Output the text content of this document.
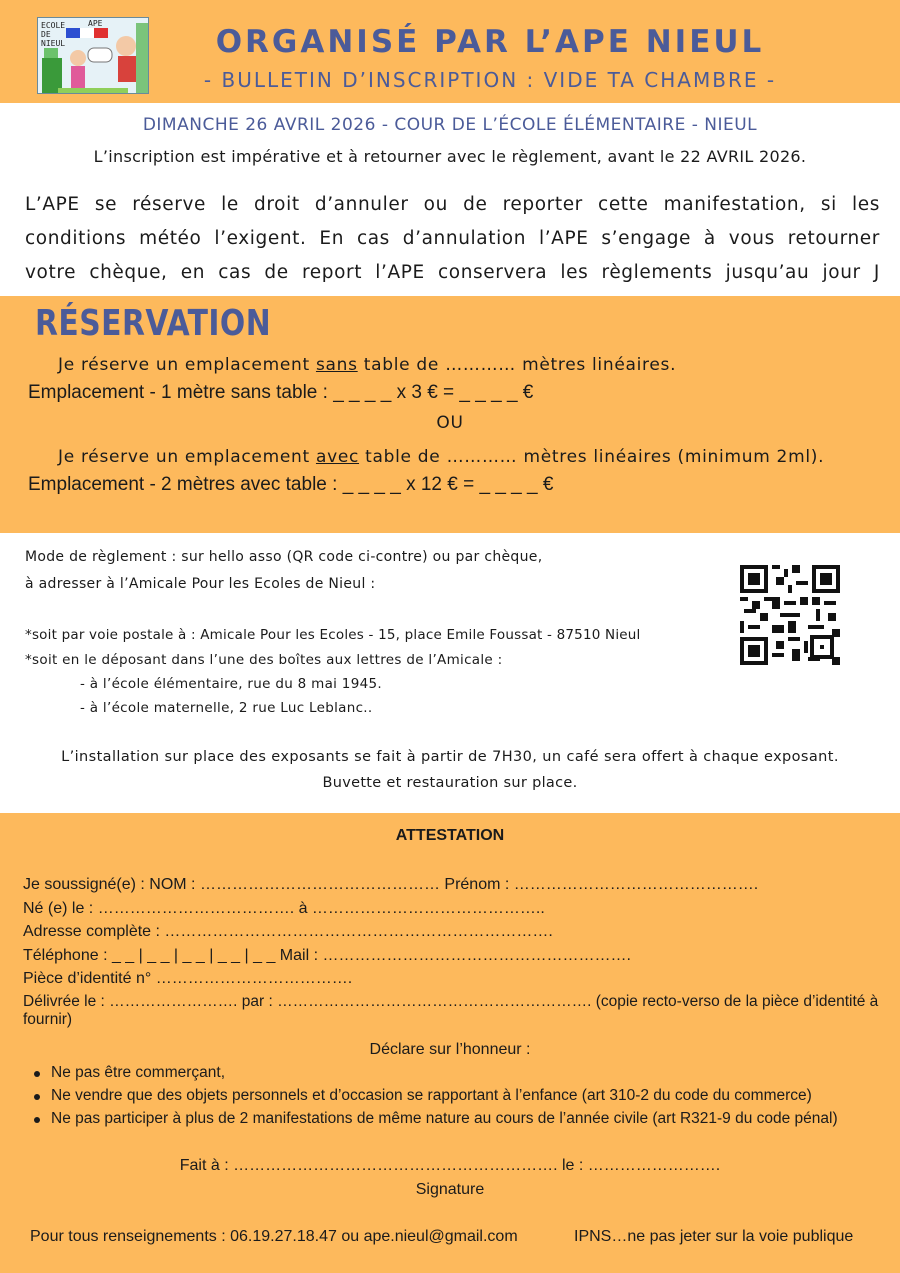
ECOLE DE NIEUL
APE
ORGANISÉ PAR L’APE NIEUL
- BULLETIN D’INSCRIPTION : VIDE TA CHAMBRE -
DIMANCHE 26 AVRIL 2026 - COUR DE L’ÉCOLE ÉLÉMENTAIRE - NIEUL
L’inscription est impérative et à retourner avec le règlement, avant le 22 AVRIL 2026.
L’APE se réserve le droit d’annuler ou de reporter cette manifestation, si les
conditions météo l’exigent. En cas d’annulation l’APE s’engage à vous retourner
votre chèque, en cas de report l’APE conservera les règlements jusqu’au jour J
RÉSERVATION
Je réserve un emplacement sans table de ………… mètres linéaires.
Emplacement - 1 mètre sans table : _ _ _ _ x 3 € = _ _ _ _ €
OU
Je réserve un emplacement avec table de ………… mètres linéaires (minimum 2ml).
Emplacement - 2 mètres avec table : _ _ _ _ x 12 € = _ _ _ _ €
Mode de règlement : sur hello asso (QR code ci-contre) ou par chèque,
à adresser à l’Amicale Pour les Ecoles de Nieul :
*soit par voie postale à : Amicale Pour les Ecoles - 15, place Emile Foussat - 87510 Nieul
*soit en le déposant dans l’une des boîtes aux lettres de l’Amicale :
- à l’école élémentaire, rue du 8 mai 1945.
- à l’école maternelle, 2 rue Luc Leblanc..
L’installation sur place des exposants se fait à partir de 7H30, un café sera offert à chaque exposant.
Buvette et restauration sur place.
ATTESTATION
Je soussigné(e) : NOM : ……………………………………… Prénom : ……………………………………….
Né (e) le : ………………………………. à ……………………………………..
Adresse complète : ……………………………………………………………….
Téléphone : _ _ | _ _ | _ _ | _ _ | _ _ Mail : ………………………………………………….
Pièce d’identité n° ……………………………….
Délivrée le : ……………………. par : ……………………………………………………. (copie recto-verso de la pièce d’identité à fournir)
Déclare sur l’honneur :
Ne pas être commerçant,
Ne vendre que des objets personnels et d’occasion se rapportant à l’enfance (art 310-2 du code du commerce)
Ne pas participer à plus de 2 manifestations de même nature au cours de l’année civile (art R321-9 du code pénal)
Fait à : ……………………………………………………. le : …………………….
Signature
Pour tous renseignements : 06.19.27.18.47 ou ape.nieul@gmail.com	IPNS…ne pas jeter sur la voie publique
